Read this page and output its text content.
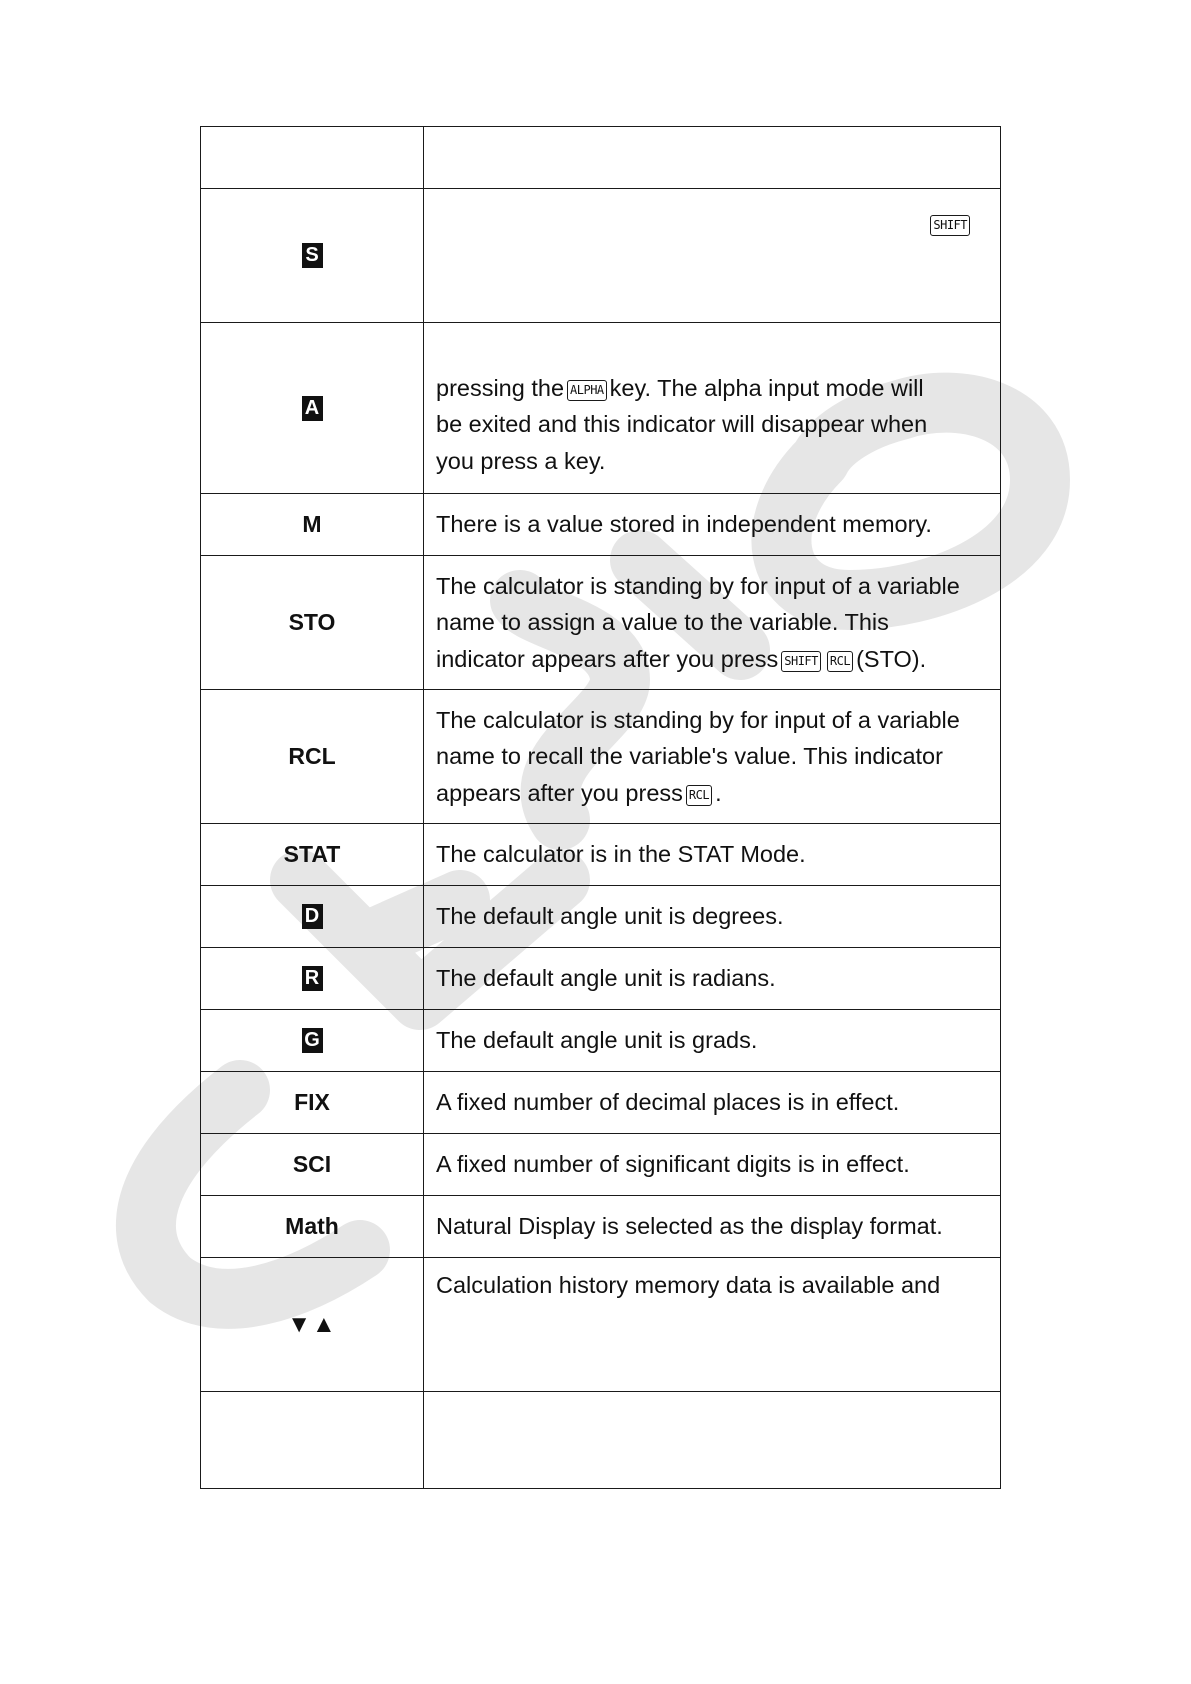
S	SHIFT

A	pressing the ALPHA key. The alpha input mode will
be exited and this indicator will disappear when
you press a key.

M	There is a value stored in independent memory.

STO	The calculator is standing by for input of a variable
name to assign a value to the variable. This
indicator appears after you press SHIFT RCL (STO).

RCL	The calculator is standing by for input of a variable
name to recall the variable's value. This indicator
appears after you press RCL .

STAT	The calculator is in the STAT Mode.

D	The default angle unit is degrees.

R	The default angle unit is radians.

G	The default angle unit is grads.

FIX	A fixed number of decimal places is in effect.

SCI	A fixed number of significant digits is in effect.

Math	Natural Display is selected as the display format.

▼▲	Calculation history memory data is available and
